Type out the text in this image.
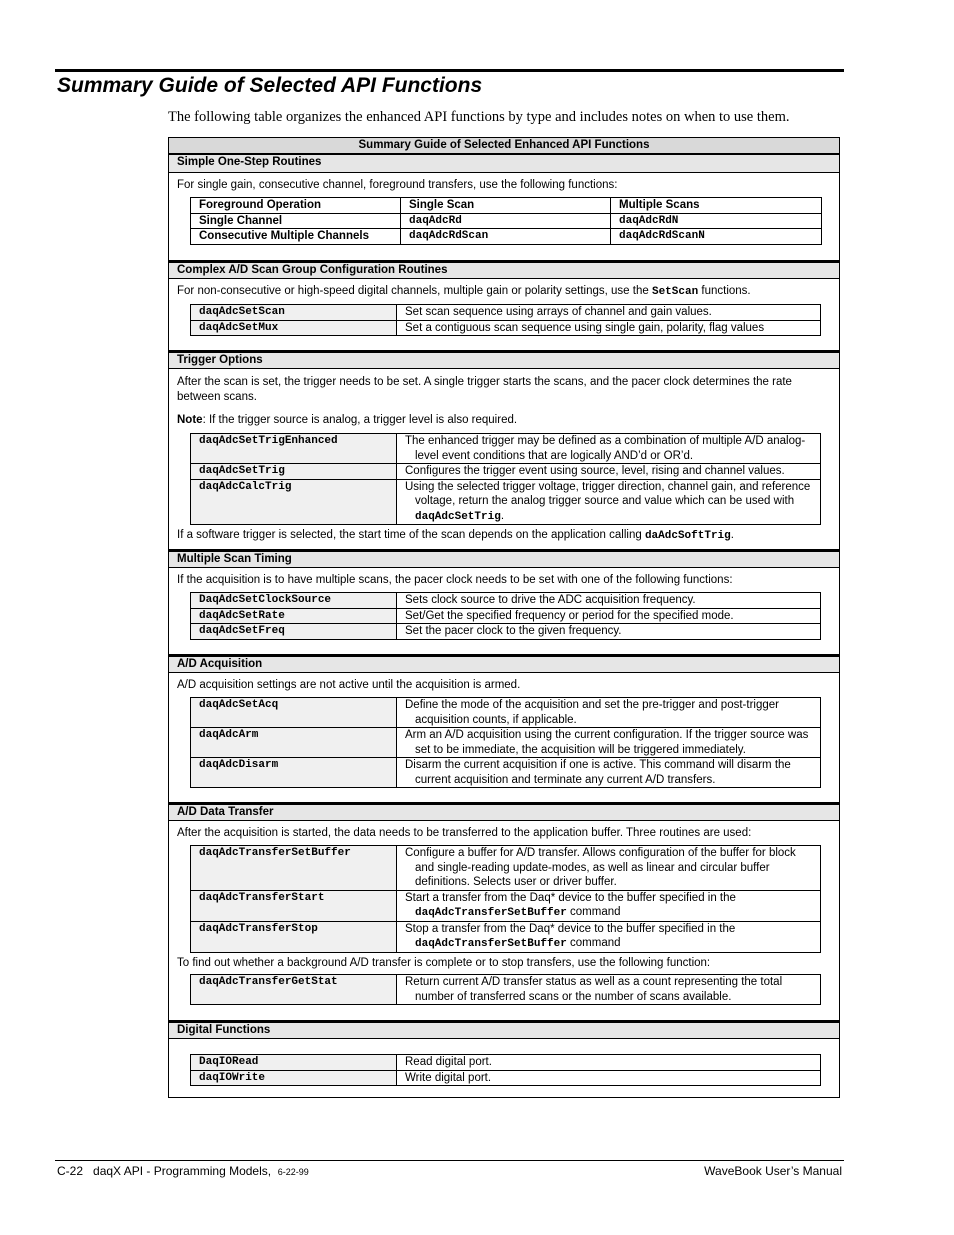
Summary Guide of Selected API Functions

The following table organizes the enhanced API functions by type and includes notes on when to use them.

Summary Guide of Selected Enhanced API Functions
Simple One-Step Routines

For single gain, consecutive channel, foreground transfers, use the following functions:

Foreground Operation	Single Scan	Multiple Scans
Single Channel	daqAdcRd	daqAdcRdN
Consecutive Multiple Channels	daqAdcRdScan	daqAdcRdScanN
Complex A/D Scan Group Configuration Routines

For non-consecutive or high-speed digital channels, multiple gain or polarity settings, use the SetScan functions.

daqAdcSetScan	Set scan sequence using arrays of channel and gain values.
daqAdcSetMux	Set a contiguous scan sequence using single gain, polarity, flag values
Trigger Options

After the scan is set, the trigger needs to be set. A single trigger starts the scans, and the pacer clock determines the rate between scans.

Note: If the trigger source is analog, a trigger level is also required.

daqAdcSetTrigEnhanced	The enhanced trigger may be defined as a combination of multiple A/D analog-level event conditions that are logically AND’d or OR’d.
daqAdcSetTrig	Configures the trigger event using source, level, rising and channel values.
daqAdcCalcTrig	Using the selected trigger voltage, trigger direction, channel gain, and reference voltage, return the analog trigger source and value which can be used with daqAdcSetTrig.

If a software trigger is selected, the start time of the scan depends on the application calling daAdcSoftTrig.

Multiple Scan Timing

If the acquisition is to have multiple scans, the pacer clock needs to be set with one of the following functions:

DaqAdcSetClockSource	Sets clock source to drive the ADC acquisition frequency.
daqAdcSetRate	Set/Get the specified frequency or period for the specified mode.
daqAdcSetFreq	Set the pacer clock to the given frequency.
A/D Acquisition

A/D acquisition settings are not active until the acquisition is armed.

daqAdcSetAcq	Define the mode of the acquisition and set the pre-trigger and post-trigger acquisition counts, if applicable.
daqAdcArm	Arm an A/D acquisition using the current configuration. If the trigger source was set to be immediate, the acquisition will be triggered immediately.
daqAdcDisarm	Disarm the current acquisition if one is active. This command will disarm the current acquisition and terminate any current A/D transfers.
A/D Data Transfer

After the acquisition is started, the data needs to be transferred to the application buffer. Three routines are used:

daqAdcTransferSetBuffer	Configure a buffer for A/D transfer. Allows configuration of the buffer for block and single-reading update-modes, as well as linear and circular buffer definitions. Selects user or driver buffer.
daqAdcTransferStart	Start a transfer from the Daq* device to the buffer specified in the daqAdcTransferSetBuffer command
daqAdcTransferStop	Stop a transfer from the Daq* device to the buffer specified in the daqAdcTransferSetBuffer command

To find out whether a background A/D transfer is complete or to stop transfers, use the following function:

daqAdcTransferGetStat	Return current A/D transfer status as well as a count representing the total number of transferred scans or the number of scans available.
Digital Functions
DaqIORead	Read digital port.
daqIOWrite	Write digital port.
C-22 daqX API - Programming Models, 6-22-99	WaveBook User’s Manual
